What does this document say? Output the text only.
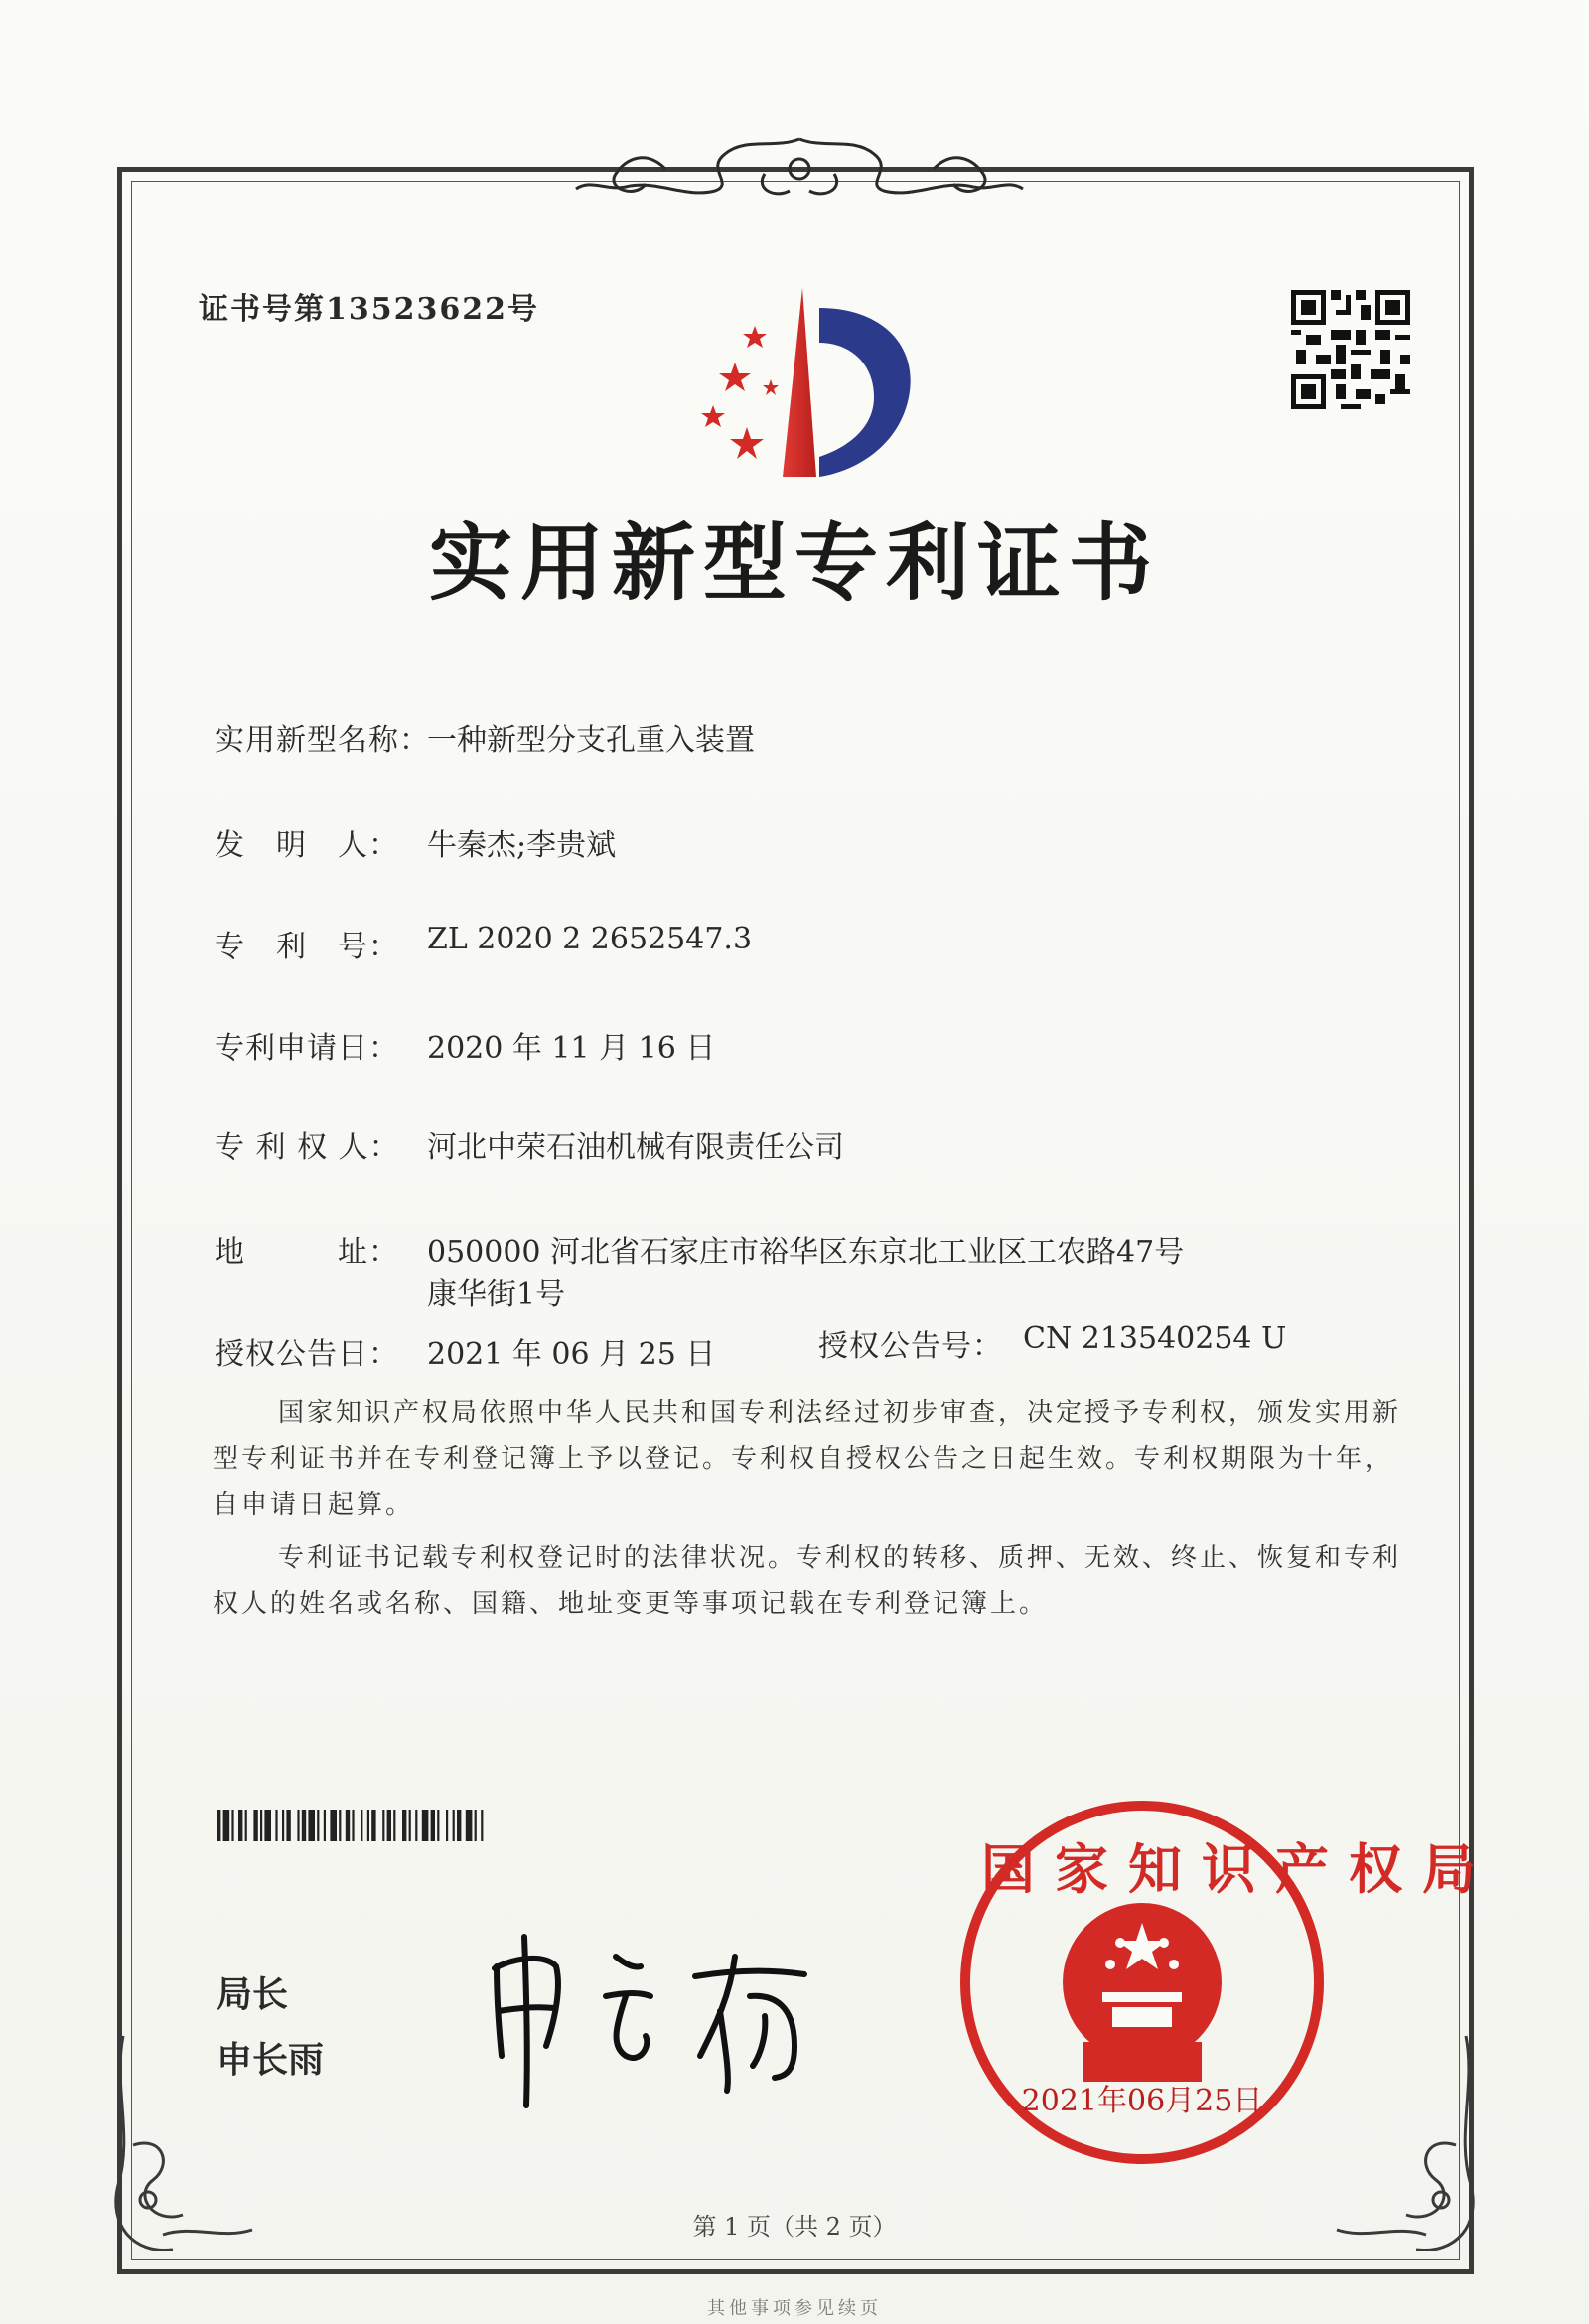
证书号第13523622号
实用新型专利证书
实用新型名称：
一种新型分支孔重入装置
发　明　人： 牛秦杰;李贵斌
专　利　号： ZL 2020 2 2652547.3
专利申请日： 2020 年 11 月 16 日
专 利 权 人： 河北中荣石油机械有限责任公司
地　　　址： 050000 河北省石家庄市裕华区东京北工业区工农路47号
康华街1号
授权公告日： 2021 年 06 月 25 日	授权公告号： CN 213540254 U
国家知识产权局依照中华人民共和国专利法经过初步审查，决定授予专利权，颁发实用新型专利证书并在专利登记簿上予以登记。专利权自授权公告之日起生效。专利权期限为十年，自申请日起算。
专利证书记载专利权登记时的法律状况。专利权的转移、质押、无效、终止、恢复和专利权人的姓名或名称、国籍、地址变更等事项记载在专利登记簿上。
局长
申长雨
国家知识产权局
2021年06月25日
第 1 页（共 2 页）
其他事项参见续页
